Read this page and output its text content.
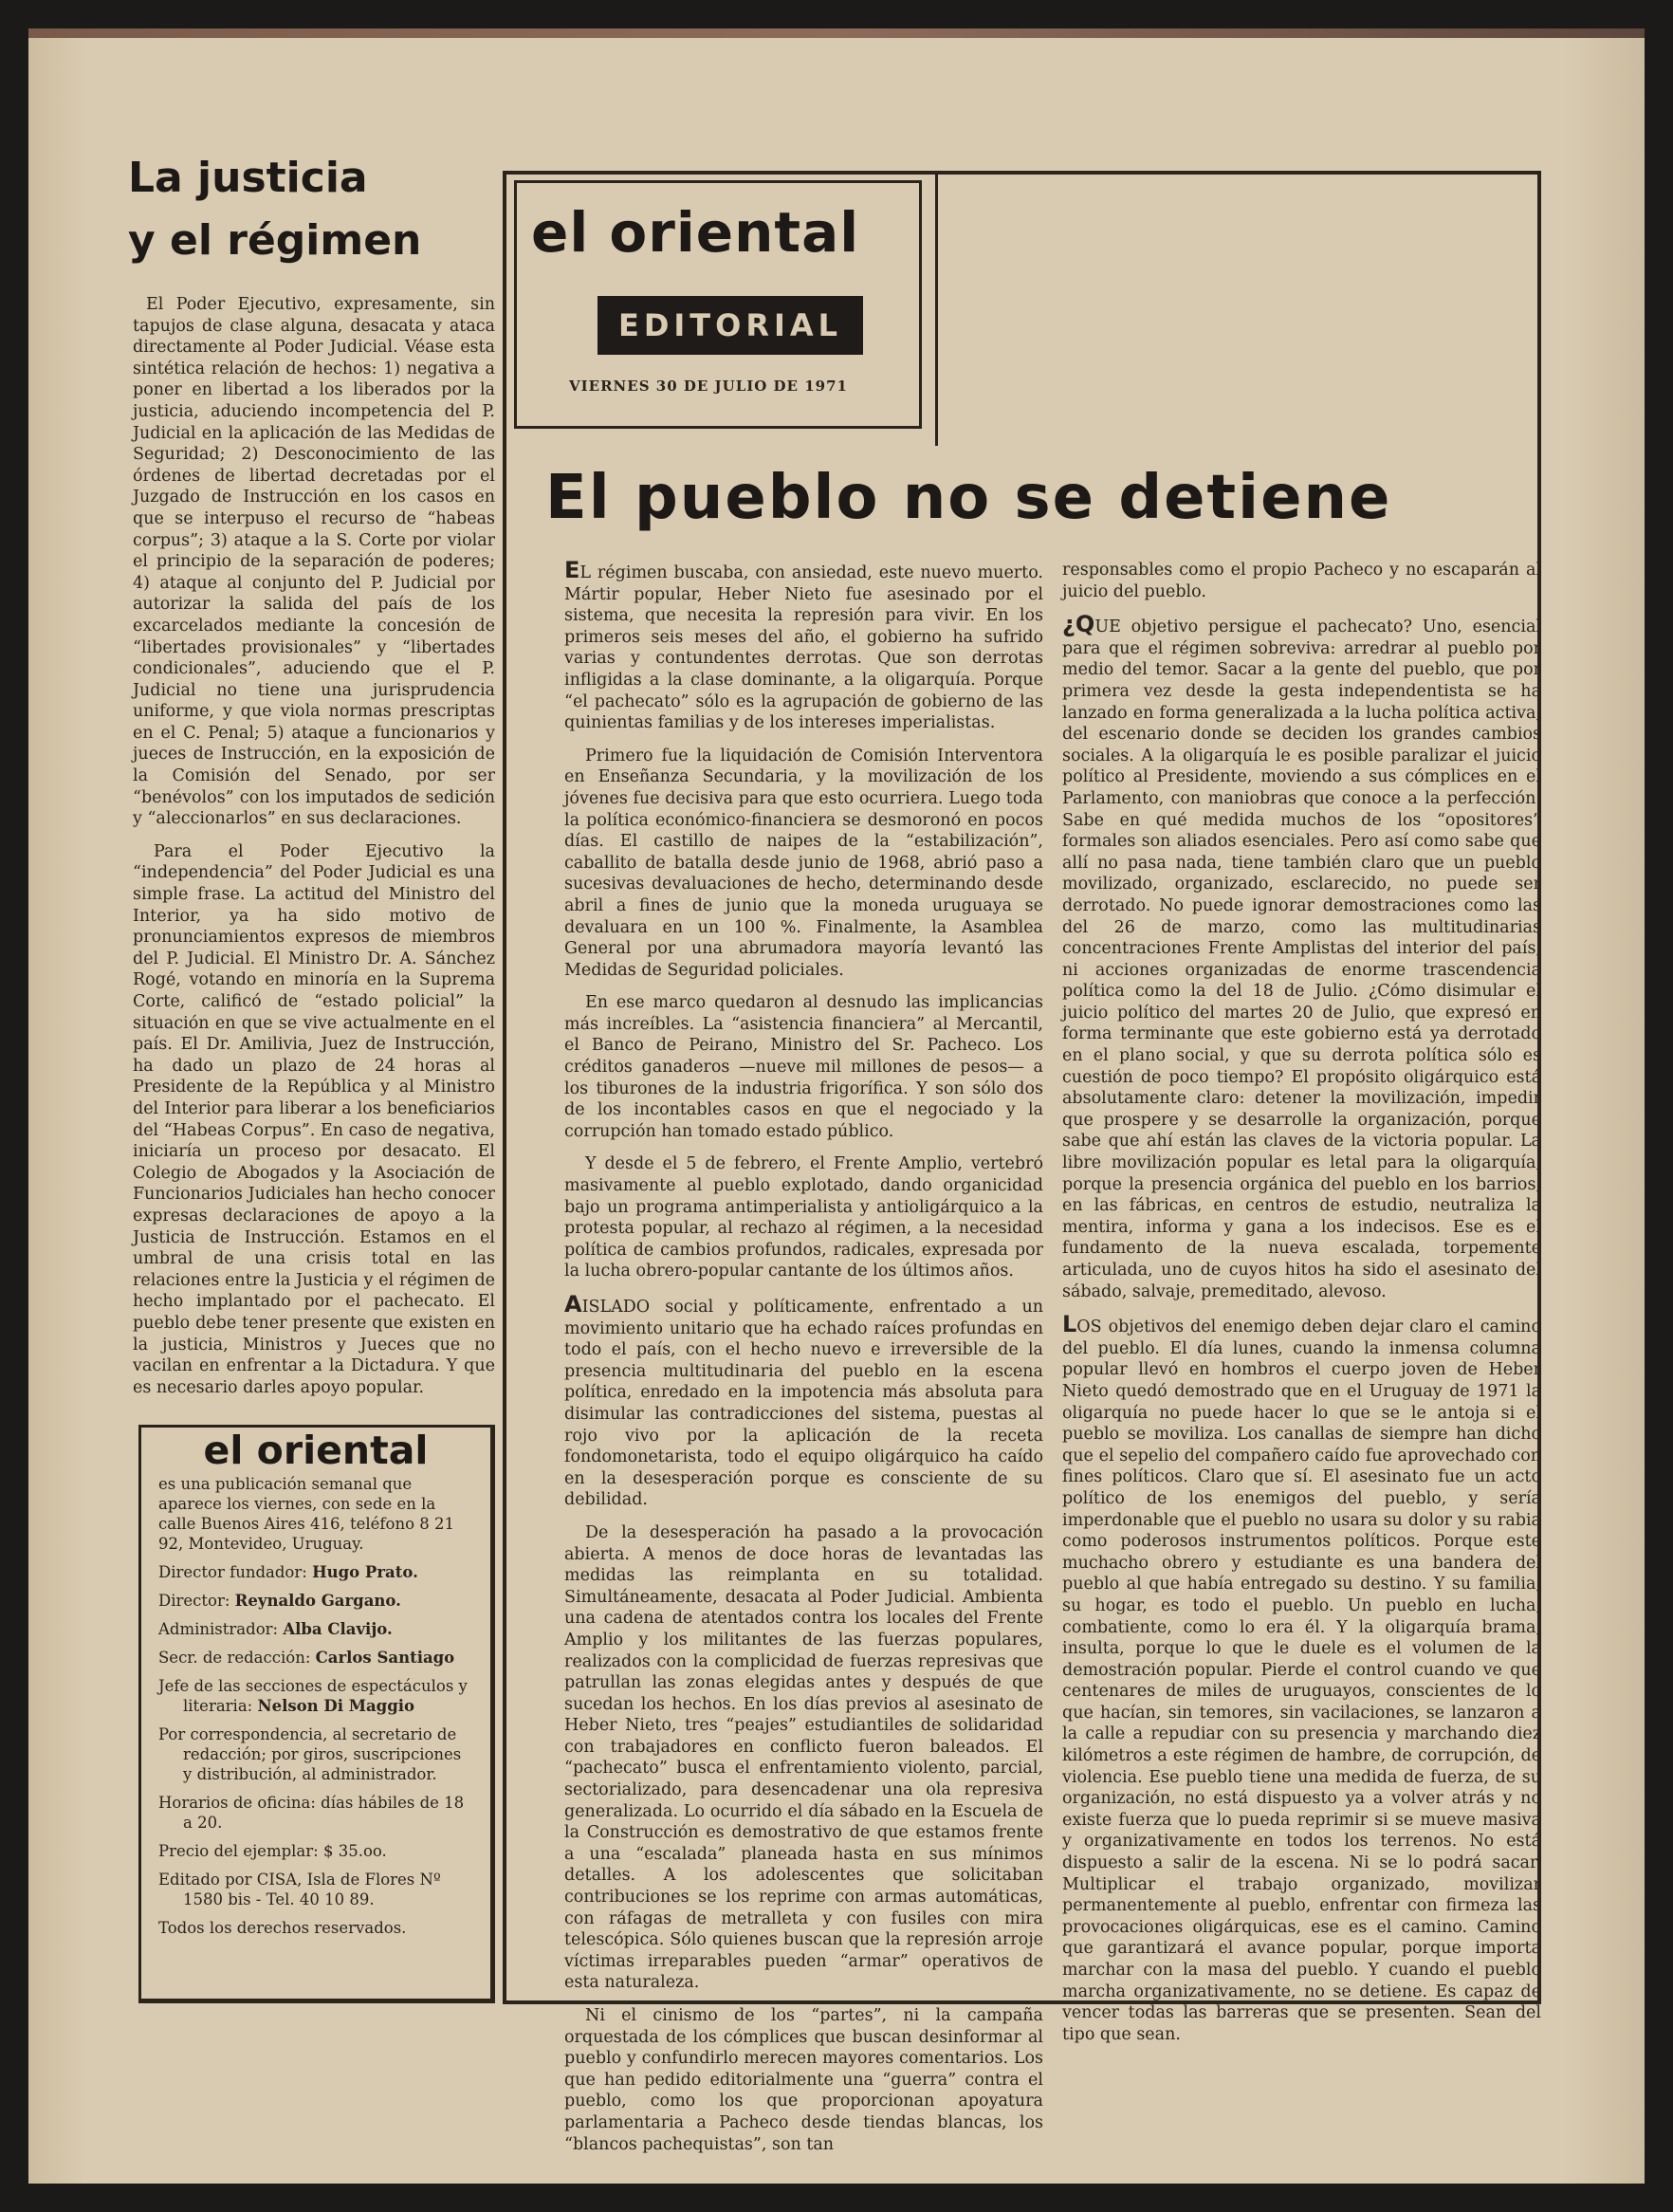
La justicia
y el régimen

El Poder Ejecutivo, expresamente, sin tapujos de clase alguna, desacata y ataca directamente al Poder Judicial. Véase esta sintética relación de hechos: 1) negativa a poner en libertad a los liberados por la justicia, aduciendo incompetencia del P. Judicial en la aplicación de las Medidas de Seguridad; 2) Desconocimiento de las órdenes de libertad decretadas por el Juzgado de Instrucción en los casos en que se interpuso el recurso de “habeas corpus”; 3) ataque a la S. Corte por violar el principio de la separación de poderes; 4) ataque al conjunto del P. Judicial por autorizar la salida del país de los excarcelados mediante la concesión de “libertades provisionales” y “libertades condicionales”, aduciendo que el P. Judicial no tiene una jurisprudencia uniforme, y que viola normas prescriptas en el C. Penal; 5) ataque a funcionarios y jueces de Instrucción, en la exposición de la Comisión del Senado, por ser “benévolos” con los imputados de sedición y “aleccionarlos” en sus declaraciones.

Para el Poder Ejecutivo la “independencia” del Poder Judicial es una simple frase. La actitud del Ministro del Interior, ya ha sido motivo de pronunciamientos expresos de miembros del P. Judicial. El Ministro Dr. A. Sánchez Rogé, votando en minoría en la Suprema Corte, calificó de “estado policial” la situación en que se vive actualmente en el país. El Dr. Amilivia, Juez de Instrucción, ha dado un plazo de 24 horas al Presidente de la República y al Ministro del Interior para liberar a los beneficiarios del “Habeas Corpus”. En caso de negativa, iniciaría un proceso por desacato. El Colegio de Abogados y la Asociación de Funcionarios Judiciales han hecho conocer expresas declaraciones de apoyo a la Justicia de Instrucción. Estamos en el umbral de una crisis total en las relaciones entre la Justicia y el régimen de hecho implantado por el pachecato. El pueblo debe tener presente que existen en la justicia, Ministros y Jueces que no vacilan en enfrentar a la Dictadura. Y que es necesario darles apoyo popular.

el oriental

es una publicación semanal que aparece los viernes, con sede en la calle Buenos Aires 416, teléfono 8 21 92, Montevideo, Uruguay.

Director fundador: Hugo Prato.

Director: Reynaldo Gargano.

Administrador: Alba Clavijo.

Secr. de redacción: Carlos Santiago

Jefe de las secciones de espectáculos y literaria: Nelson Di Maggio

Por correspondencia, al secretario de redacción; por giros, suscripciones y distribución, al administrador.

Horarios de oficina: días hábiles de 18 a 20.

Precio del ejemplar: $ 35.oo.

Editado por CISA, Isla de Flores Nº 1580 bis - Tel. 40 10 89.

Todos los derechos reservados.

el oriental
EDITORIAL
VIERNES 30 DE JULIO DE 1971
El pueblo no se detiene

EL régimen buscaba, con ansiedad, este nuevo muerto. Mártir popular, Heber Nieto fue asesinado por el sistema, que necesita la represión para vivir. En los primeros seis meses del año, el gobierno ha sufrido varias y contundentes derrotas. Que son derrotas infligidas a la clase dominante, a la oligarquía. Porque “el pachecato” sólo es la agrupación de gobierno de las quinientas familias y de los intereses imperialistas.

Primero fue la liquidación de Comisión Interventora en Enseñanza Secundaria, y la movilización de los jóvenes fue decisiva para que esto ocurriera. Luego toda la política económico-financiera se desmoronó en pocos días. El castillo de naipes de la “estabilización”, caballito de batalla desde junio de 1968, abrió paso a sucesivas devaluaciones de hecho, determinando desde abril a fines de junio que la moneda uruguaya se devaluara en un 100 %. Finalmente, la Asamblea General por una abrumadora mayoría levantó las Medidas de Seguridad policiales.

En ese marco quedaron al desnudo las implicancias más increíbles. La “asistencia financiera” al Mercantil, el Banco de Peirano, Ministro del Sr. Pacheco. Los créditos ganaderos —nueve mil millones de pesos— a los tiburones de la industria frigorífica. Y son sólo dos de los incontables casos en que el negociado y la corrupción han tomado estado público.

Y desde el 5 de febrero, el Frente Amplio, vertebró masivamente al pueblo explotado, dando organicidad bajo un programa antimperialista y antioligárquico a la protesta popular, al rechazo al régimen, a la necesidad política de cambios profundos, radicales, expresada por la lucha obrero-popular cantante de los últimos años.

AISLADO social y políticamente, enfrentado a un movimiento unitario que ha echado raíces profundas en todo el país, con el hecho nuevo e irreversible de la presencia multitudinaria del pueblo en la escena política, enredado en la impotencia más absoluta para disimular las contradicciones del sistema, puestas al rojo vivo por la aplicación de la receta fondomonetarista, todo el equipo oligárquico ha caído en la desesperación porque es consciente de su debilidad.

De la desesperación ha pasado a la provocación abierta. A menos de doce horas de levantadas las medidas las reimplanta en su totalidad. Simultáneamente, desacata al Poder Judicial. Ambienta una cadena de atentados contra los locales del Frente Amplio y los militantes de las fuerzas populares, realizados con la complicidad de fuerzas represivas que patrullan las zonas elegidas antes y después de que sucedan los hechos. En los días previos al asesinato de Heber Nieto, tres “peajes” estudiantiles de solidaridad con trabajadores en conflicto fueron baleados. El “pachecato” busca el enfrentamiento violento, parcial, sectorializado, para desencadenar una ola represiva generalizada. Lo ocurrido el día sábado en la Escuela de la Construcción es demostrativo de que estamos frente a una “escalada” planeada hasta en sus mínimos detalles. A los adolescentes que solicitaban contribuciones se los reprime con armas automáticas, con ráfagas de metralleta y con fusiles con mira telescópica. Sólo quienes buscan que la represión arroje víctimas irreparables pueden “armar” operativos de esta naturaleza.

Ni el cinismo de los “partes”, ni la campaña orquestada de los cómplices que buscan desinformar al pueblo y confundirlo merecen mayores comentarios. Los que han pedido editorialmente una “guerra” contra el pueblo, como los que proporcionan apoyatura parlamentaria a Pacheco desde tiendas blancas, los “blancos pachequistas”, son tan

responsables como el propio Pacheco y no escaparán al juicio del pueblo.

¿QUE objetivo persigue el pachecato? Uno, esencial para que el régimen sobreviva: arredrar al pueblo por medio del temor. Sacar a la gente del pueblo, que por primera vez desde la gesta independentista se ha lanzado en forma generalizada a la lucha política activa, del escenario donde se deciden los grandes cambios sociales. A la oligarquía le es posible paralizar el juicio político al Presidente, moviendo a sus cómplices en el Parlamento, con maniobras que conoce a la perfección. Sabe en qué medida muchos de los “opositores” formales son aliados esenciales. Pero así como sabe que allí no pasa nada, tiene también claro que un pueblo movilizado, organizado, esclarecido, no puede ser derrotado. No puede ignorar demostraciones como las del 26 de marzo, como las multitudinarias concentraciones Frente Amplistas del interior del país, ni acciones organizadas de enorme trascendencia política como la del 18 de Julio. ¿Cómo disimular el juicio político del martes 20 de Julio, que expresó en forma terminante que este gobierno está ya derrotado en el plano social, y que su derrota política sólo es cuestión de poco tiempo? El propósito oligárquico está absolutamente claro: detener la movilización, impedir que prospere y se desarrolle la organización, porque sabe que ahí están las claves de la victoria popular. La libre movilización popular es letal para la oligarquía, porque la presencia orgánica del pueblo en los barrios, en las fábricas, en centros de estudio, neutraliza la mentira, informa y gana a los indecisos. Ese es el fundamento de la nueva escalada, torpemente articulada, uno de cuyos hitos ha sido el asesinato del sábado, salvaje, premeditado, alevoso.

LOS objetivos del enemigo deben dejar claro el camino del pueblo. El día lunes, cuando la inmensa columna popular llevó en hombros el cuerpo joven de Heber Nieto quedó demostrado que en el Uruguay de 1971 la oligarquía no puede hacer lo que se le antoja si el pueblo se moviliza. Los canallas de siempre han dicho que el sepelio del compañero caído fue aprovechado con fines políticos. Claro que sí. El asesinato fue un acto político de los enemigos del pueblo, y sería imperdonable que el pueblo no usara su dolor y su rabia como poderosos instrumentos políticos. Porque este muchacho obrero y estudiante es una bandera del pueblo al que había entregado su destino. Y su familia, su hogar, es todo el pueblo. Un pueblo en lucha, combatiente, como lo era él. Y la oligarquía brama, insulta, porque lo que le duele es el volumen de la demostración popular. Pierde el control cuando ve que centenares de miles de uruguayos, conscientes de lo que hacían, sin temores, sin vacilaciones, se lanzaron a la calle a repudiar con su presencia y marchando diez kilómetros a este régimen de hambre, de corrupción, de violencia. Ese pueblo tiene una medida de fuerza, de su organización, no está dispuesto ya a volver atrás y no existe fuerza que lo pueda reprimir si se mueve masiva y organizativamente en todos los terrenos. No está dispuesto a salir de la escena. Ni se lo podrá sacar. Multiplicar el trabajo organizado, movilizar permanentemente al pueblo, enfrentar con firmeza las provocaciones oligárquicas, ese es el camino. Camino que garantizará el avance popular, porque importa marchar con la masa del pueblo. Y cuando el pueblo marcha organizativamente, no se detiene. Es capaz de vencer todas las barreras que se presenten. Sean del tipo que sean.
